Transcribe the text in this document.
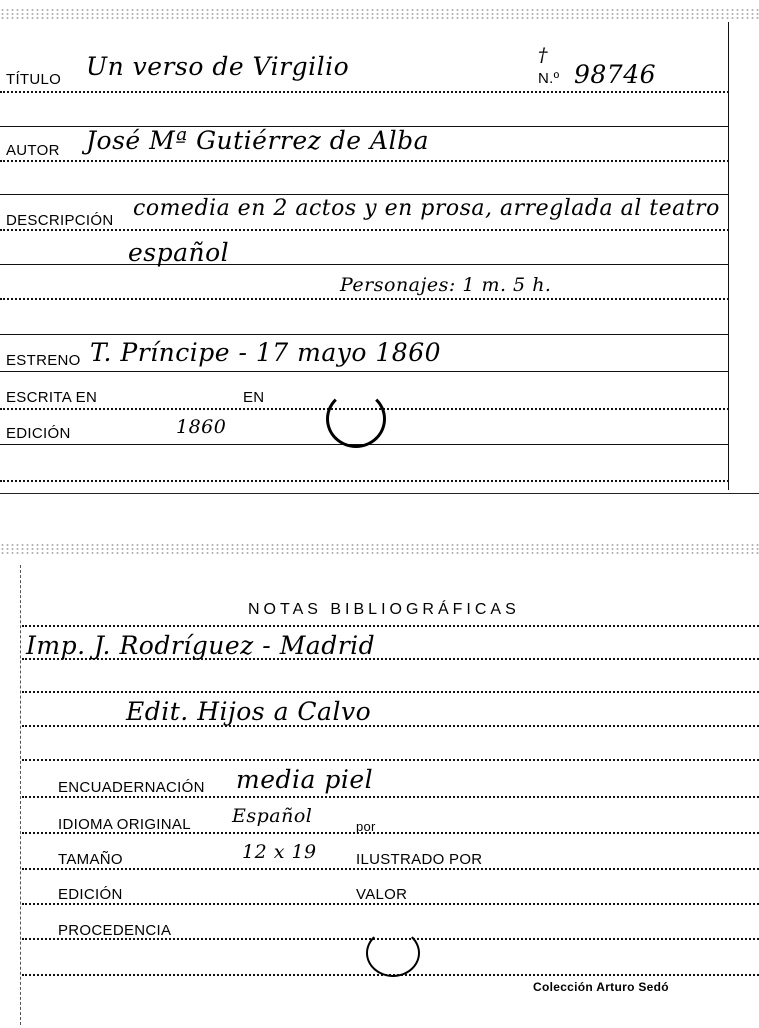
TÍTULO Un verso de Virgilio	†
N.º 98746
AUTOR José Mª Gutiérrez de Alba
DESCRIPCIÓN comedia en 2 actos y en prosa, arreglada al teatro
español
Personajes: 1 m. 5 h.
ESTRENO T. Príncipe - 17 mayo 1860
ESCRITA EN	EN
EDICIÓN	1860
NOTAS BIBLIOGRÁFICAS
Imp. J. Rodríguez - Madrid
Edit. Hijos a Calvo
ENCUADERNACIÓN media piel
IDIOMA ORIGINAL Español	por
TAMAÑO	12 x 19	ILUSTRADO POR
EDICIÓN	VALOR
PROCEDENCIA
Colección Arturo Sedó
